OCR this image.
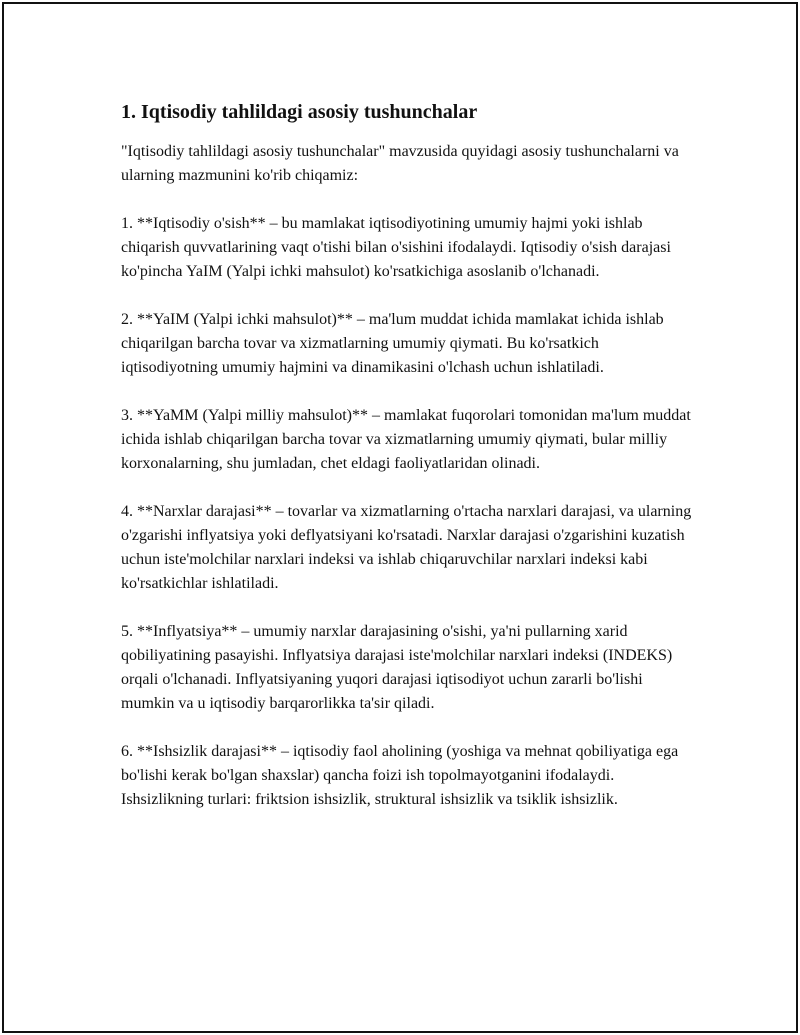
1. Iqtisodiy tahlildagi asosiy tushunchalar

"Iqtisodiy tahlildagi asosiy tushunchalar" mavzusida quyidagi asosiy tushunchalarni va ularning mazmunini ko'rib chiqamiz:

1. **Iqtisodiy o'sish** – bu mamlakat iqtisodiyotining umumiy hajmi yoki ishlab chiqarish quvvatlarining vaqt o'tishi bilan o'sishini ifodalaydi. Iqtisodiy o'sish darajasi ko'pincha YaIM (Yalpi ichki mahsulot) ko'rsatkichiga asoslanib o'lchanadi.

2. **YaIM (Yalpi ichki mahsulot)** – ma'lum muddat ichida mamlakat ichida ishlab chiqarilgan barcha tovar va xizmatlarning umumiy qiymati. Bu ko'rsatkich iqtisodiyotning umumiy hajmini va dinamikasini o'lchash uchun ishlatiladi.

3. **YaMM (Yalpi milliy mahsulot)** – mamlakat fuqorolari tomonidan ma'lum muddat ichida ishlab chiqarilgan barcha tovar va xizmatlarning umumiy qiymati, bular milliy korxonalarning, shu jumladan, chet eldagi faoliyatlaridan olinadi.

4. **Narxlar darajasi** – tovarlar va xizmatlarning o'rtacha narxlari darajasi, va ularning o'zgarishi inflyatsiya yoki deflyatsiyani ko'rsatadi. Narxlar darajasi o'zgarishini kuzatish uchun iste'molchilar narxlari indeksi va ishlab chiqaruvchilar narxlari indeksi kabi ko'rsatkichlar ishlatiladi.

5. **Inflyatsiya** – umumiy narxlar darajasining o'sishi, ya'ni pullarning xarid qobiliyatining pasayishi. Inflyatsiya darajasi iste'molchilar narxlari indeksi (INDEKS) orqali o'lchanadi. Inflyatsiyaning yuqori darajasi iqtisodiyot uchun zararli bo'lishi mumkin va u iqtisodiy barqarorlikka ta'sir qiladi.

6. **Ishsizlik darajasi** – iqtisodiy faol aholining (yoshiga va mehnat qobiliyatiga ega bo'lishi kerak bo'lgan shaxslar) qancha foizi ish topolmayotganini ifodalaydi. Ishsizlikning turlari: friktsion ishsizlik, struktural ishsizlik va tsiklik ishsizlik.
